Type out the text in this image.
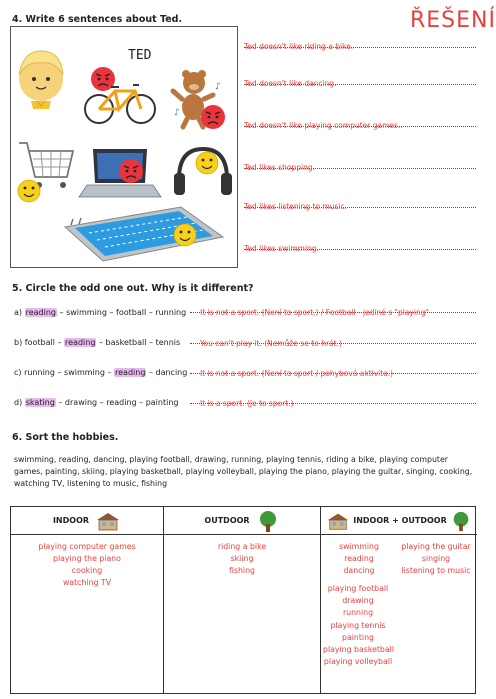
4. Write 6 sentences about Ted.	ŘEŠENÍ
♪
♪
TED
Ted doesn't like riding a bike.
Ted doesn't like dancing.
Ted doesn't like playing computer games..
Ted likes shopping.
Ted likes listening to music.
Ted likes swimming.
5. Circle the odd one out. Why is it different?
a) reading – swimming – football – running	It is not a sport. (Není to sport.) / Football - jediné s "playing"
b) football – reading – basketball – tennis	You can't play it. (Nemůže se to hrát.)
c) running – swimming – reading – dancing	It is not a sport. (Není to sport / pohybová aktivita.)
d) skating – drawing – reading – painting	It is a sport. (Je to sport.)
6. Sort the hobbies.
swimming, reading, dancing, playing football, drawing, running, playing tennis, riding a bike, playing computer games, painting, skiing, playing basketball, playing volleyball, playing the piano, playing the guitar, singing, cooking, watching TV, listening to music, fishing
INDOOR
playing computer games
playing the piano
cooking
watching TV
OUTDOOR
riding a bike
skiing
fishing
INDOOR + OUTDOOR
swimming
reading
dancing
playing the guitar
singing
listening to music
playing football
drawing
running
playing tennis
painting
playing basketball
playing volleyball
